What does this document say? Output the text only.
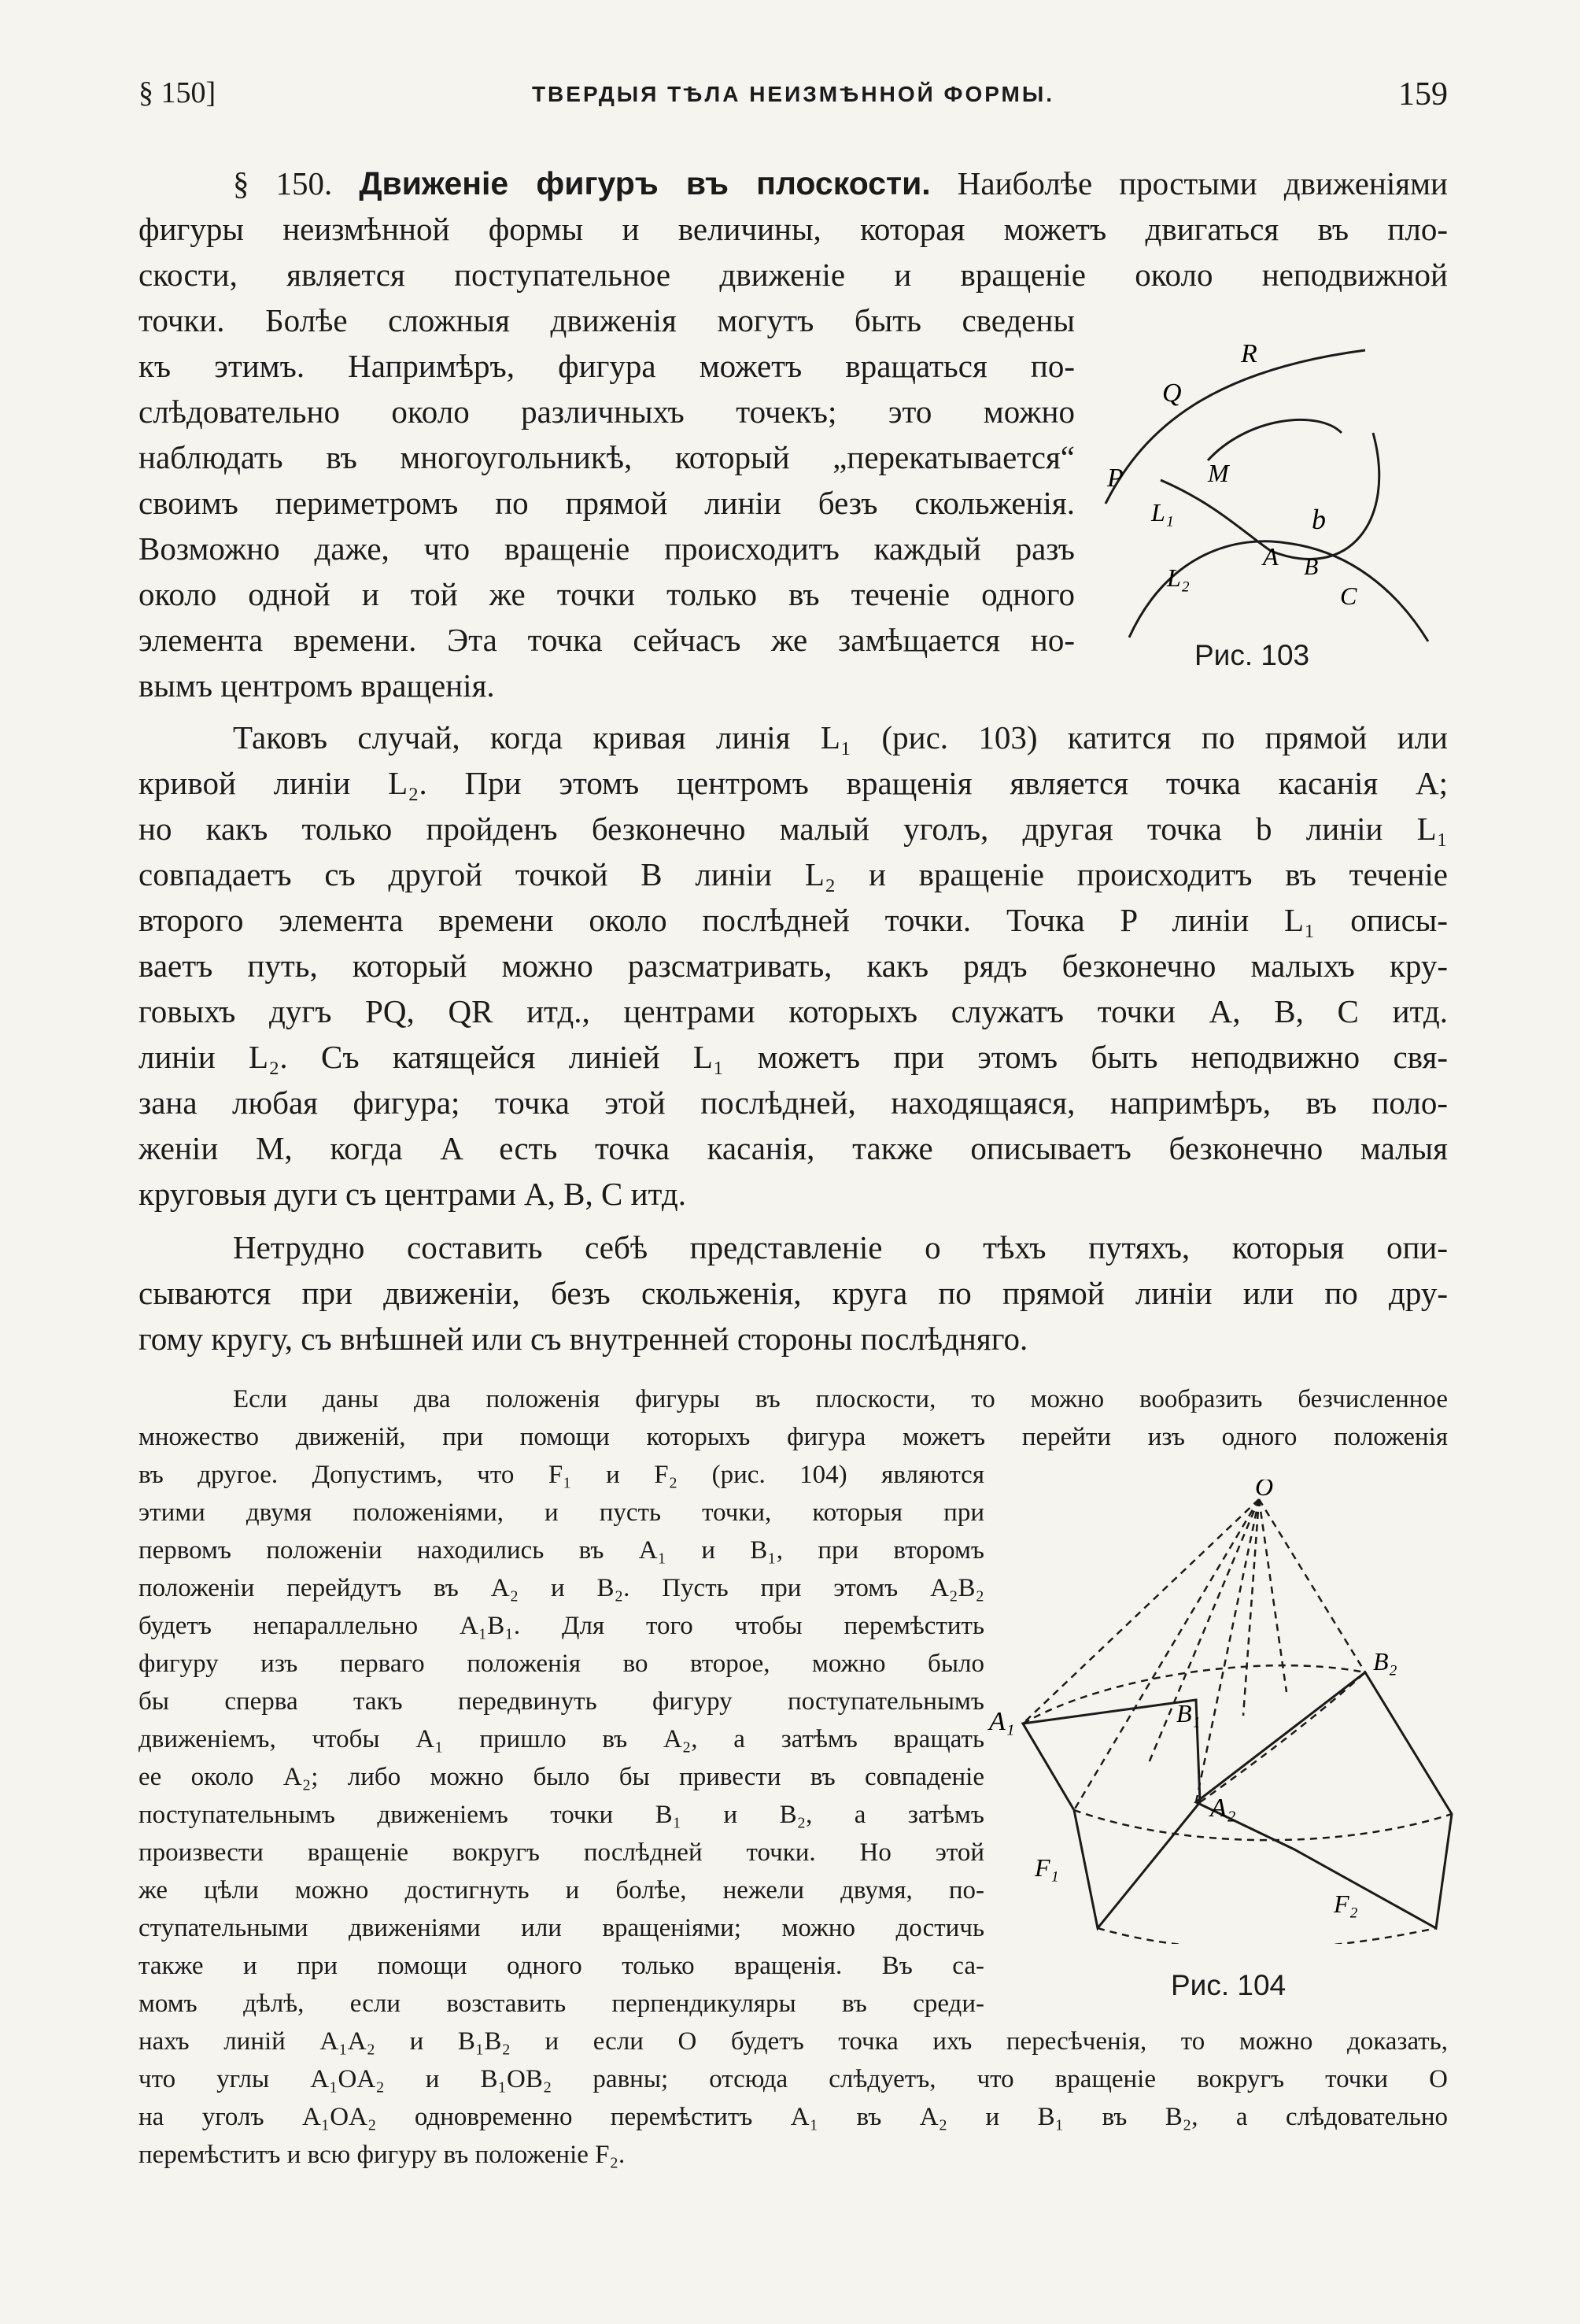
§ 150]	ТВЕРДЫЯ ТѢЛА НЕИЗМѢННОЙ ФОРМЫ.	159
§ 150. Движенiе фигуръ въ плоскости. Наиболѣе простыми движенiями
фигуры неизмѣнной формы и величины, которая можетъ двигаться въ пло-
скости, является поступательное движенiе и вращенiе около неподвижной
точки. Болѣе сложныя движенiя могутъ быть сведены
къ этимъ. Напримѣръ, фигура можетъ вращаться по-
слѣдовательно около различныхъ точекъ; это можно
наблюдать въ многоугольникѣ, который „перекатывается“
своимъ периметромъ по прямой линiи безъ скольженiя.
Возможно даже, что вращенiе происходитъ каждый разъ
около одной и той же точки только въ теченiе одного
элемента времени. Эта точка сейчасъ же замѣщается но-
вымъ центромъ вращенiя.
R
Q
P	M
L₁	b
A B
C
L₂
Рис. 103
Таковъ случай, когда кривая линiя L₁ (рис. 103) катится по прямой или
кривой линiи L₂. При этомъ центромъ вращенiя является точка касанiя A;
но какъ только пройденъ безконечно малый уголъ, другая точка b линiи L₁
совпадаетъ съ другой точкой B линiи L₂ и вращенiе происходитъ въ теченiе
второго элемента времени около послѣдней точки. Точка P линiи L₁ описы-
ваетъ путь, который можно разсматривать, какъ рядъ безконечно малыхъ кру-
говыхъ дугъ PQ, QR итд., центрами которыхъ служатъ точки A, B, C итд.
линiи L₂. Съ катящейся линiей L₁ можетъ при этомъ быть неподвижно свя-
зана любая фигура; точка этой послѣдней, находящаяся, напримѣръ, въ поло-
женiи M, когда A есть точка касанiя, также описываетъ безконечно малыя
круговыя дуги съ центрами A, B, C итд.
Нетрудно составить себѣ представленiе о тѣхъ путяхъ, которыя опи-
сываются при движенiи, безъ скольженiя, круга по прямой линiи или по дру-
гому кругу, съ внѣшней или съ внутренней стороны послѣдняго.
Если даны два положенiя фигуры въ плоскости, то можно вообразить безчисленное
множество движенiй, при помощи которыхъ фигура можетъ перейти изъ одного положенiя
въ другое. Допустимъ, что F₁ и F₂ (рис. 104) являются
этими двумя положенiями, и пусть точки, которыя при
первомъ положенiи находились въ A₁ и B₁, при второмъ
положенiи перейдутъ въ A₂ и B₂. Пусть при этомъ A₂B₂
будетъ непараллельно A₁B₁. Для того чтобы перемѣстить
фигуру изъ перваго положенiя во второе, можно было
бы сперва такъ передвинуть фигуру поступательнымъ
движенiемъ, чтобы A₁ пришло въ A₂, а затѣмъ вращать
ее около A₂; либо можно было бы привести въ совпаденiе
поступательнымъ движенiемъ точки B₁ и B₂, а затѣмъ
произвести вращенiе вокругъ послѣдней точки. Но этой
же цѣли можно достигнуть и болѣе, нежели двумя, по-
ступательными движенiями или вращенiями; можно достичь
также и при помощи одного только вращенiя. Въ са-
момъ дѣлѣ, если возставить перпендикуляры въ среди-
нахъ линiй A₁A₂ и B₁B₂ и если O будетъ точка ихъ пересѣченiя, то можно доказать,
что углы A₁OA₂ и B₁OB₂ равны; отсюда слѣдуетъ, что вращенiе вокругъ точки O
на уголъ A₁OA₂ одновременно перемѣститъ A₁ въ A₂ и B₁ въ B₂, а слѣдовательно
перемѣститъ и всю фигуру въ положенiе F₂.
O
A₁	B₁
B₂
A₂
F₁
F₂
Рис. 104
